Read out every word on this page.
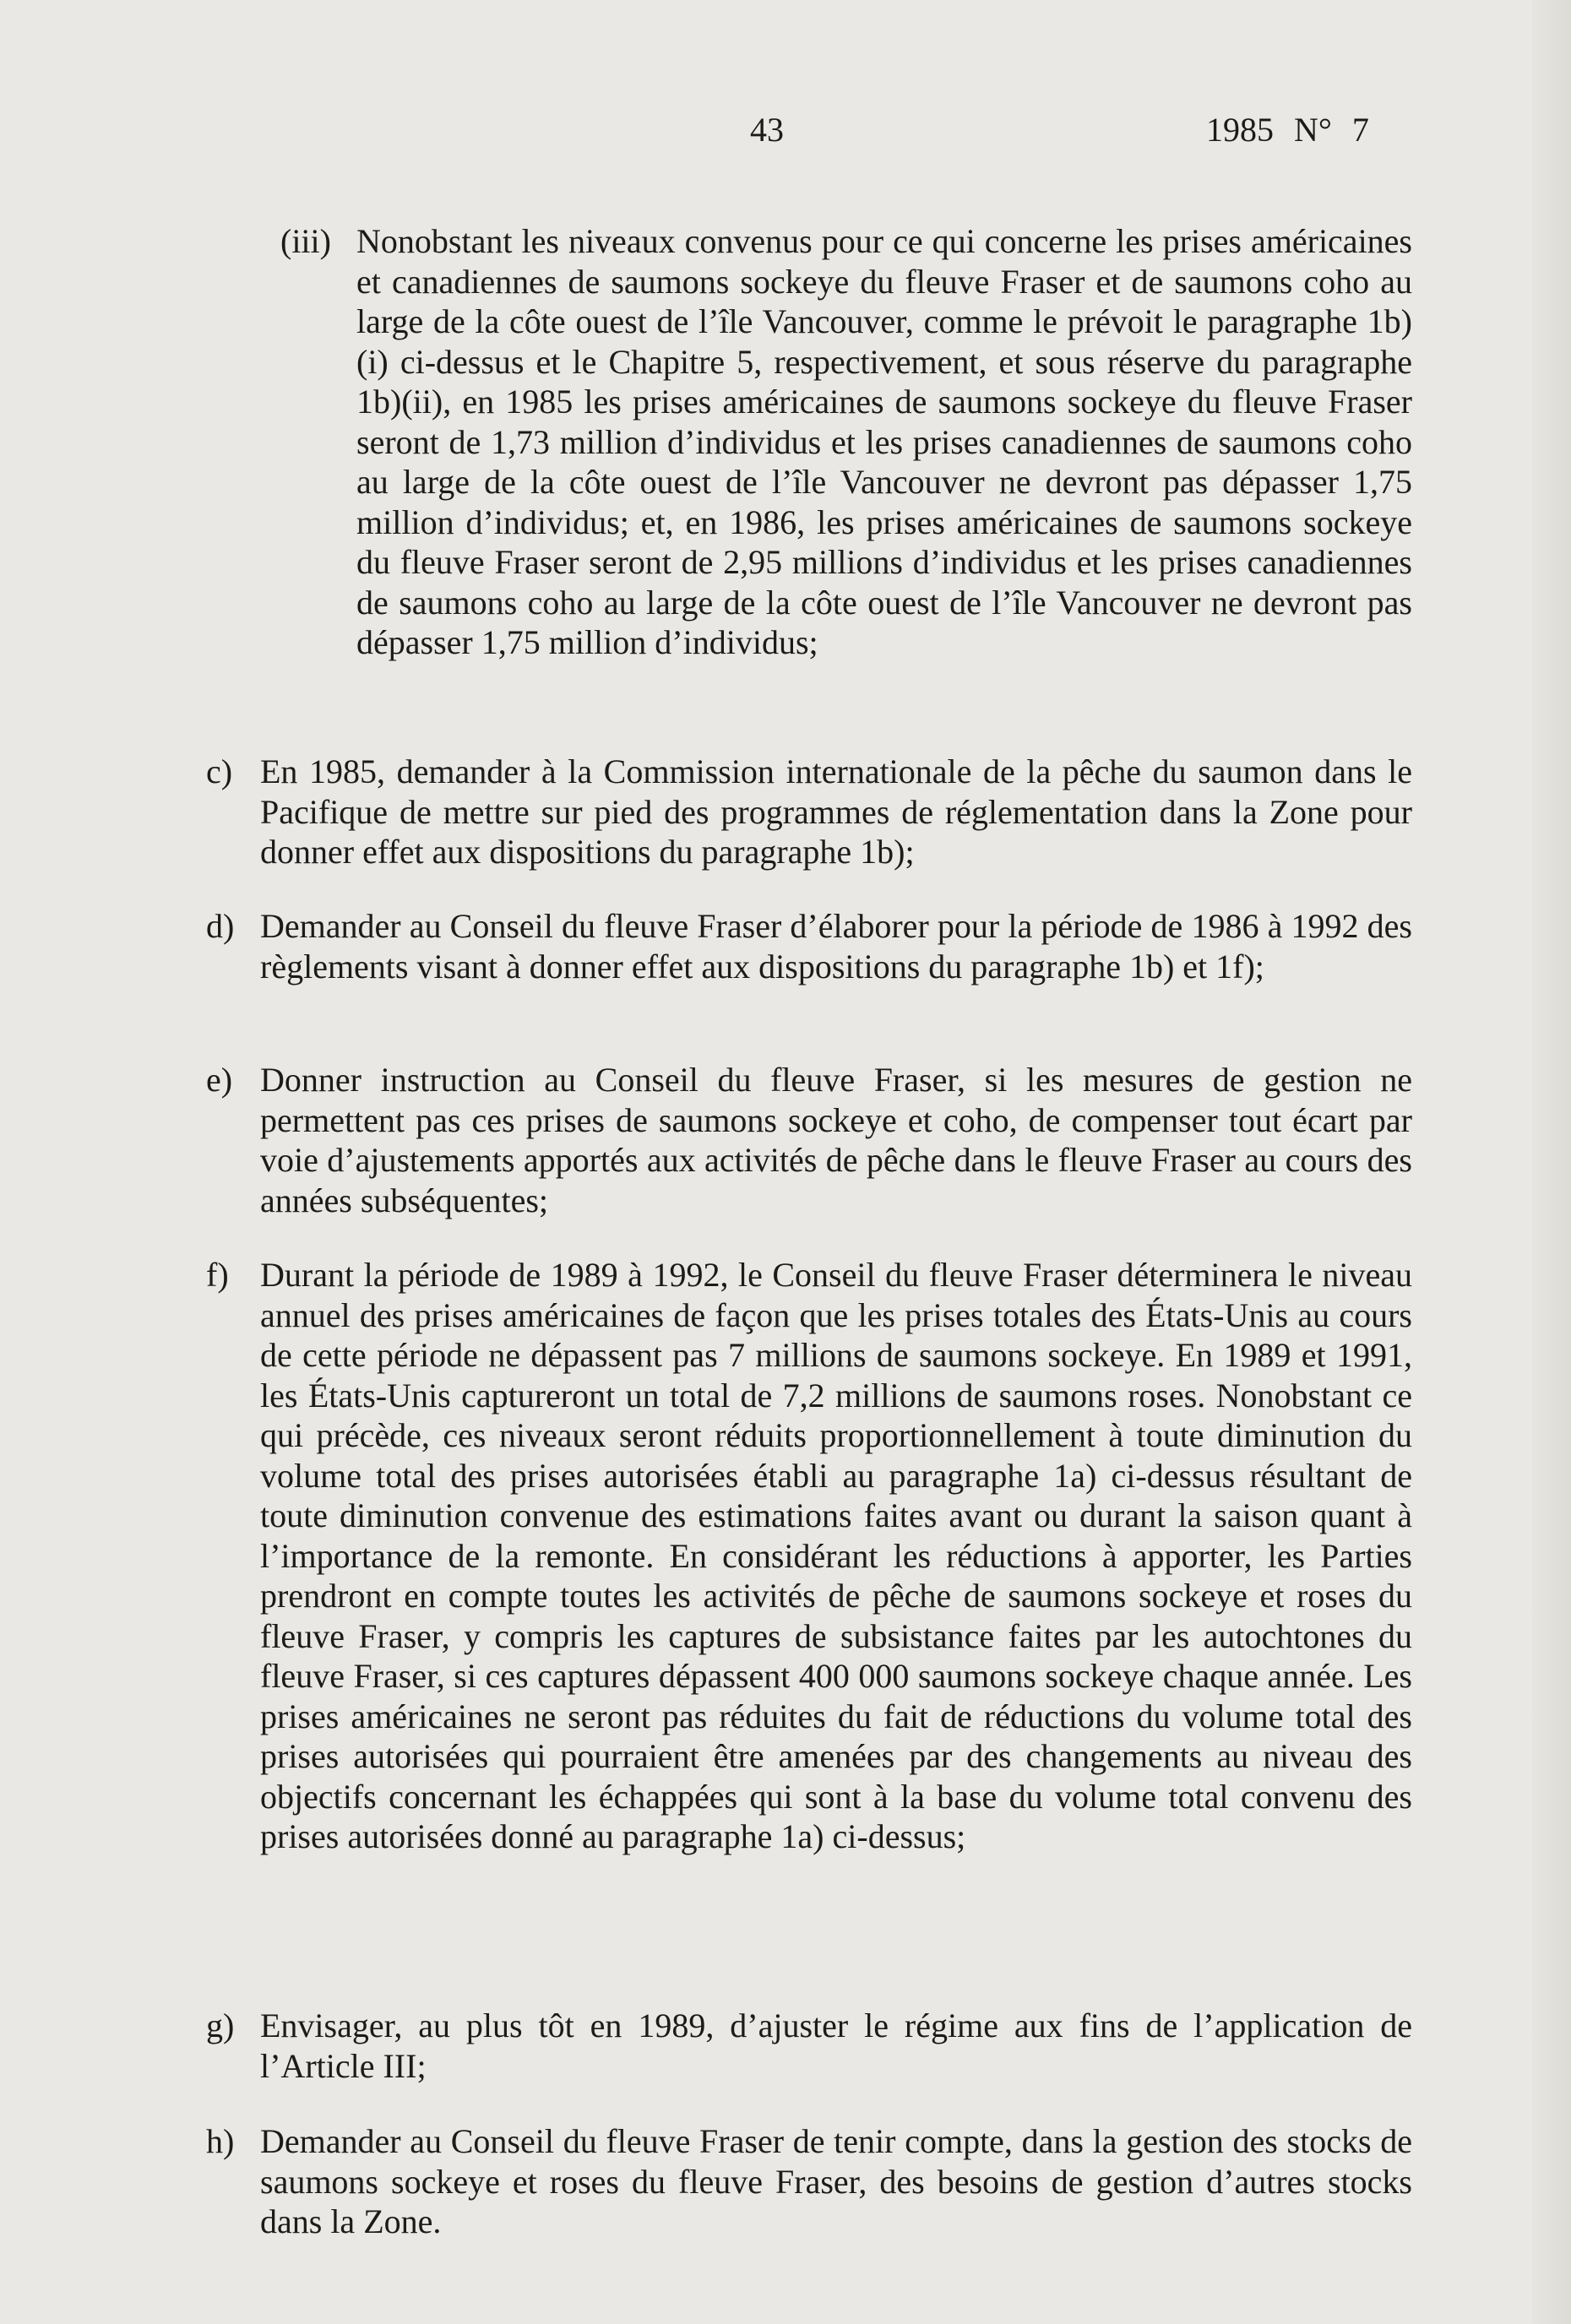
43	1985 N° 7
(iii) Nonobstant les niveaux convenus pour ce qui concerne les prises américaines et canadiennes de saumons sockeye du fleuve Fraser et de saumons coho au large de la côte ouest de l’île Vancouver, comme le prévoit le paragraphe 1b)(i) ci-dessus et le Chapitre 5, respectivement, et sous réserve du paragraphe 1b)(ii), en 1985 les prises américaines de saumons sockeye du fleuve Fraser seront de 1,73 million d’individus et les prises canadiennes de saumons coho au large de la côte ouest de l’île Vancouver ne devront pas dépasser 1,75 million d’individus; et, en 1986, les prises américaines de saumons sockeye du fleuve Fraser seront de 2,95 millions d’individus et les prises canadiennes de saumons coho au large de la côte ouest de l’île Vancouver ne devront pas dépasser 1,75 million d’individus;
c) En 1985, demander à la Commission internationale de la pêche du saumon dans le Pacifique de mettre sur pied des programmes de réglementation dans la Zone pour donner effet aux dispositions du paragraphe 1b);
d) Demander au Conseil du fleuve Fraser d’élaborer pour la période de 1986 à 1992 des règlements visant à donner effet aux dispositions du paragraphe 1b) et 1f);
e) Donner instruction au Conseil du fleuve Fraser, si les mesures de gestion ne permettent pas ces prises de saumons sockeye et coho, de compenser tout écart par voie d’ajustements apportés aux activités de pêche dans le fleuve Fraser au cours des années subséquentes;
f) Durant la période de 1989 à 1992, le Conseil du fleuve Fraser déterminera le niveau annuel des prises américaines de façon que les prises totales des États-Unis au cours de cette période ne dépassent pas 7 millions de saumons sockeye. En 1989 et 1991, les États-Unis captureront un total de 7,2 millions de saumons roses. Nonobstant ce qui précède, ces niveaux seront réduits proportionnellement à toute diminution du volume total des prises autorisées établi au paragraphe 1a) ci-dessus résultant de toute diminution convenue des estimations faites avant ou durant la saison quant à l’importance de la remonte. En considérant les réductions à apporter, les Parties prendront en compte toutes les activités de pêche de saumons sockeye et roses du fleuve Fraser, y compris les captures de subsistance faites par les autochtones du fleuve Fraser, si ces captures dépassent 400 000 saumons sockeye chaque année. Les prises américaines ne seront pas réduites du fait de réductions du volume total des prises autorisées qui pourraient être amenées par des changements au niveau des objectifs concernant les échappées qui sont à la base du volume total convenu des prises autorisées donné au paragraphe 1a) ci-dessus;
g) Envisager, au plus tôt en 1989, d’ajuster le régime aux fins de l’application de l’Article III;
h) Demander au Conseil du fleuve Fraser de tenir compte, dans la gestion des stocks de saumons sockeye et roses du fleuve Fraser, des besoins de gestion d’autres stocks dans la Zone.
